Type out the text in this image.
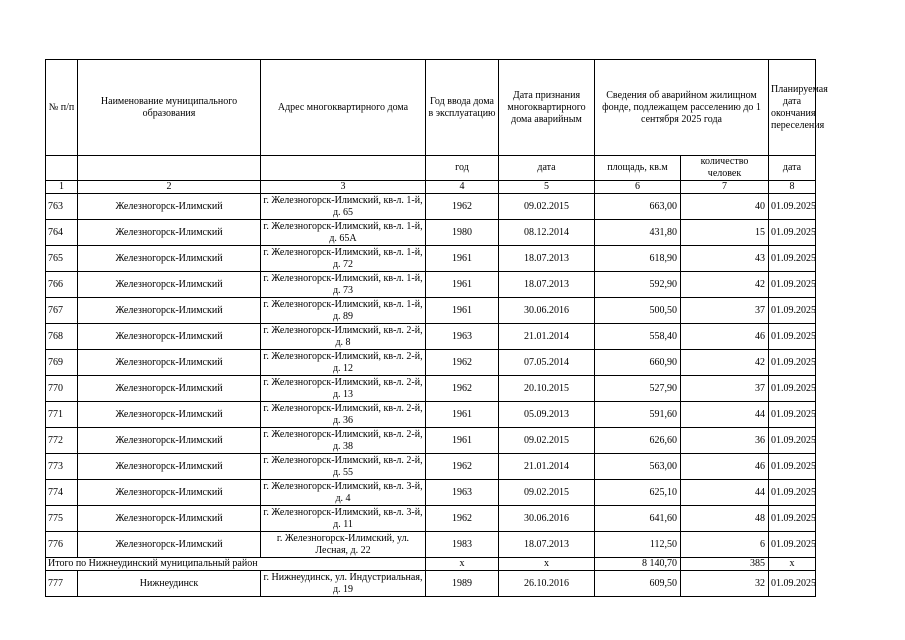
№ п/п	Наименование муниципального образования	Адрес многоквартирного дома	Год ввода дома в эксплуатацию	Дата признания многоквартирного дома аварийным	Сведения об аварийном жилищном фонде, подлежащем расселению до 1 сентября 2025 года		Планируемая дата окончания переселения
			год	дата	площадь, кв.м	количество человек	дата
1	2	3	4	5	6	7	8
763	Железногорск-Илимский	г. Железногорск-Илимский, кв-л. 1-й, д. 65	1962	09.02.2015	663,00	40	01.09.2025
764	Железногорск-Илимский	г. Железногорск-Илимский, кв-л. 1-й, д. 65А	1980	08.12.2014	431,80	15	01.09.2025
765	Железногорск-Илимский	г. Железногорск-Илимский, кв-л. 1-й, д. 72	1961	18.07.2013	618,90	43	01.09.2025
766	Железногорск-Илимский	г. Железногорск-Илимский, кв-л. 1-й, д. 73	1961	18.07.2013	592,90	42	01.09.2025
767	Железногорск-Илимский	г. Железногорск-Илимский, кв-л. 1-й, д. 89	1961	30.06.2016	500,50	37	01.09.2025
768	Железногорск-Илимский	г. Железногорск-Илимский, кв-л. 2-й, д. 8	1963	21.01.2014	558,40	46	01.09.2025
769	Железногорск-Илимский	г. Железногорск-Илимский, кв-л. 2-й, д. 12	1962	07.05.2014	660,90	42	01.09.2025
770	Железногорск-Илимский	г. Железногорск-Илимский, кв-л. 2-й, д. 13	1962	20.10.2015	527,90	37	01.09.2025
771	Железногорск-Илимский	г. Железногорск-Илимский, кв-л. 2-й, д. 36	1961	05.09.2013	591,60	44	01.09.2025
772	Железногорск-Илимский	г. Железногорск-Илимский, кв-л. 2-й, д. 38	1961	09.02.2015	626,60	36	01.09.2025
773	Железногорск-Илимский	г. Железногорск-Илимский, кв-л. 2-й, д. 55	1962	21.01.2014	563,00	46	01.09.2025
774	Железногорск-Илимский	г. Железногорск-Илимский, кв-л. 3-й, д. 4	1963	09.02.2015	625,10	44	01.09.2025
775	Железногорск-Илимский	г. Железногорск-Илимский, кв-л. 3-й, д. 11	1962	30.06.2016	641,60	48	01.09.2025
776	Железногорск-Илимский	г. Железногорск-Илимский, ул. Лесная, д. 22	1983	18.07.2013	112,50	6	01.09.2025
Итого по Нижнеудинский муниципальный район			х	х	8 140,70	385	х
777	Нижнеудинск	г. Нижнеудинск, ул. Индустриальная, д. 19	1989	26.10.2016	609,50	32	01.09.2025
